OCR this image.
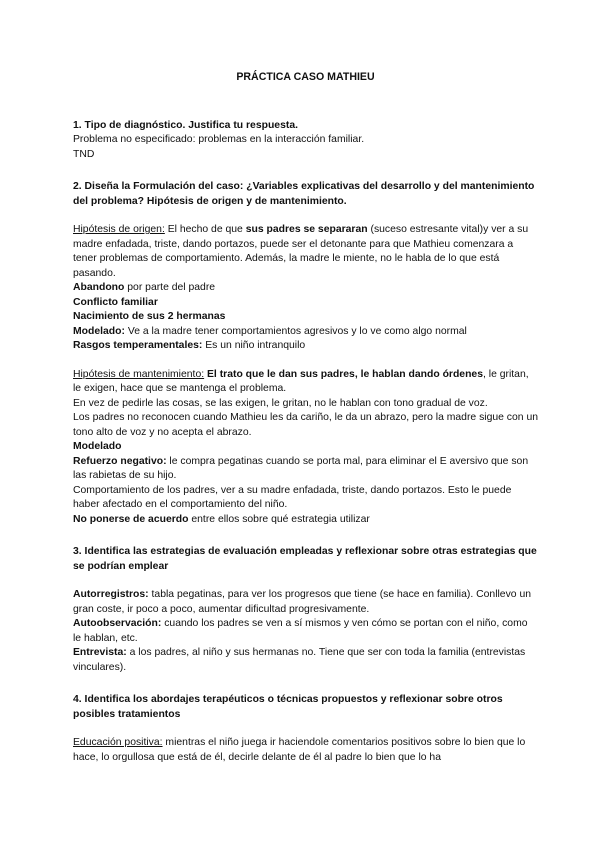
PRÁCTICA CASO MATHIEU

1. Tipo de diagnóstico. Justifica tu respuesta.

Problema no especificado: problemas en la interacción familiar.

TND

2. Diseña la Formulación del caso: ¿Variables explicativas del desarrollo y del mantenimiento del problema? Hipótesis de origen y de mantenimiento.

Hipótesis de origen: El hecho de que sus padres se separaran (suceso estresante vital)y ver a su madre enfadada, triste, dando portazos, puede ser el detonante para que Mathieu comenzara a tener problemas de comportamiento. Además, la madre le miente, no le habla de lo que está pasando.

Abandono por parte del padre

Conflicto familiar

Nacimiento de sus 2 hermanas

Modelado: Ve a la madre tener comportamientos agresivos y lo ve como algo normal

Rasgos temperamentales: Es un niño intranquilo

Hipótesis de mantenimiento: El trato que le dan sus padres, le hablan dando órdenes, le gritan, le exigen, hace que se mantenga el problema.

En vez de pedirle las cosas, se las exigen, le gritan, no le hablan con tono gradual de voz.

Los padres no reconocen cuando Mathieu les da cariño, le da un abrazo, pero la madre sigue con un tono alto de voz y no acepta el abrazo.

Modelado

Refuerzo negativo: le compra pegatinas cuando se porta mal, para eliminar el E aversivo que son las rabietas de su hijo.

Comportamiento de los padres, ver a su madre enfadada, triste, dando portazos. Esto le puede haber afectado en el comportamiento del niño.

No ponerse de acuerdo entre ellos sobre qué estrategia utilizar

3. Identifica las estrategias de evaluación empleadas y reflexionar sobre otras estrategias que se podrían emplear

Autorregistros: tabla pegatinas, para ver los progresos que tiene (se hace en familia). Conllevo un gran coste, ir poco a poco, aumentar dificultad progresivamente.

Autoobservación: cuando los padres se ven a sí mismos y ven cómo se portan con el niño, como le hablan, etc.

Entrevista: a los padres, al niño y sus hermanas no. Tiene que ser con toda la familia (entrevistas vinculares).

4. Identifica los abordajes terapéuticos o técnicas propuestos y reflexionar sobre otros posibles tratamientos

Educación positiva: mientras el niño juega ir haciendole comentarios positivos sobre lo bien que lo hace, lo orgullosa que está de él, decirle delante de él al padre lo bien que lo ha
